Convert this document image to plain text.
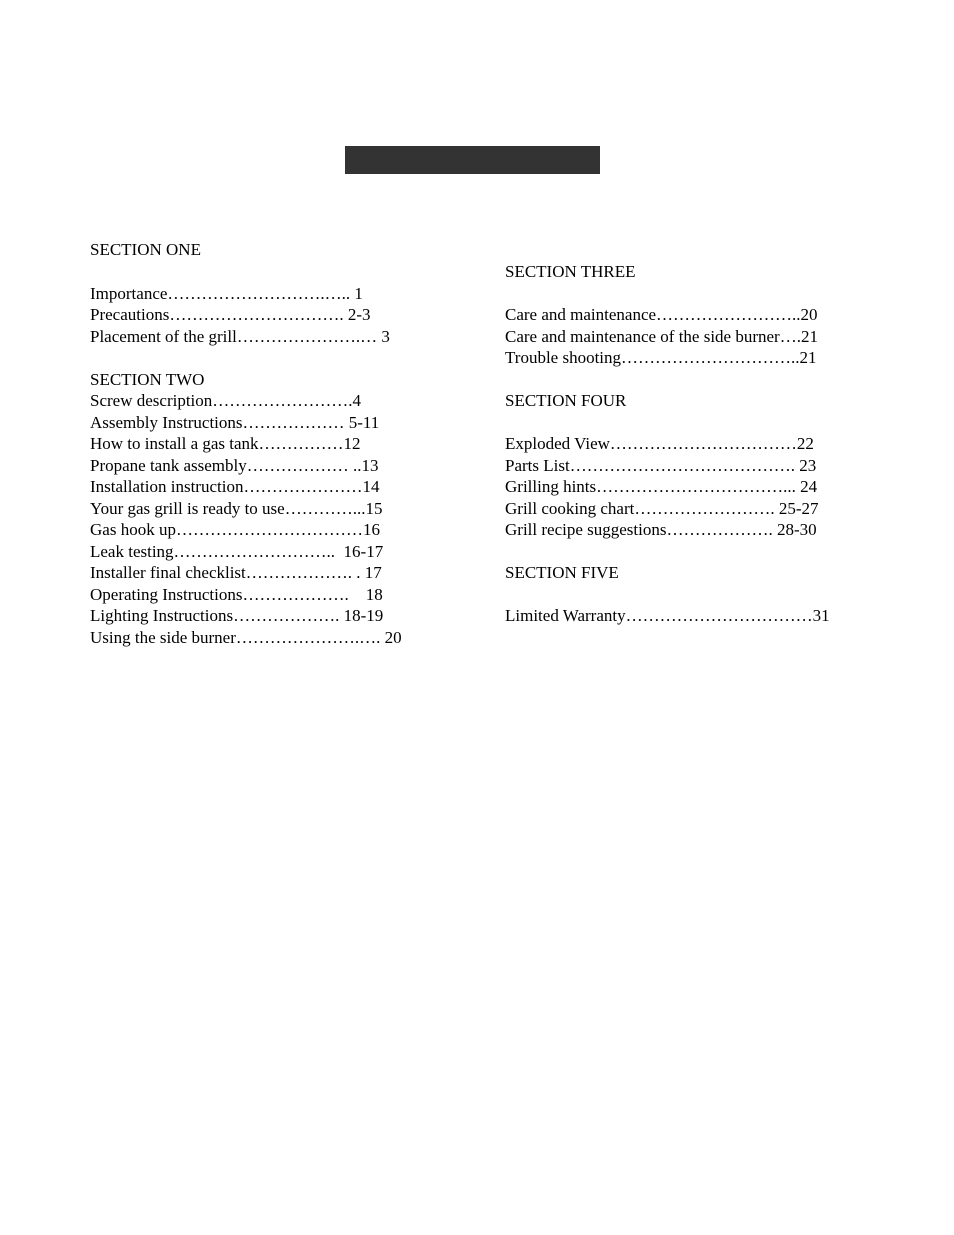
SECTION ONE
Importance……………………….….. 1
Precautions…………………………. 2-3
Placement of the grill………………….… 3
SECTION TWO
Screw description…………………….4
Assembly Instructions……………… 5-11
How to install a gas tank……………12
Propane tank assembly……………… ..13
Installation instruction…………………14
Your gas grill is ready to use…………...15
Gas hook up……………………………16
Leak testing………………………..  16-17
Installer final checklist………………. . 17
Operating Instructions……………….    18
Lighting Instructions………………. 18-19
Using the side burner………………….…. 20
SECTION THREE
Care and maintenance……………………..20
Care and maintenance of the side burner….21
Trouble shooting…………………………..21
SECTION FOUR
Exploded View……………………………22
Parts List…………………………………. 23
Grilling hints……………………………... 24
Grill cooking chart……………………. 25-27
Grill recipe suggestions………………. 28-30
SECTION FIVE
Limited Warranty……………………………31
